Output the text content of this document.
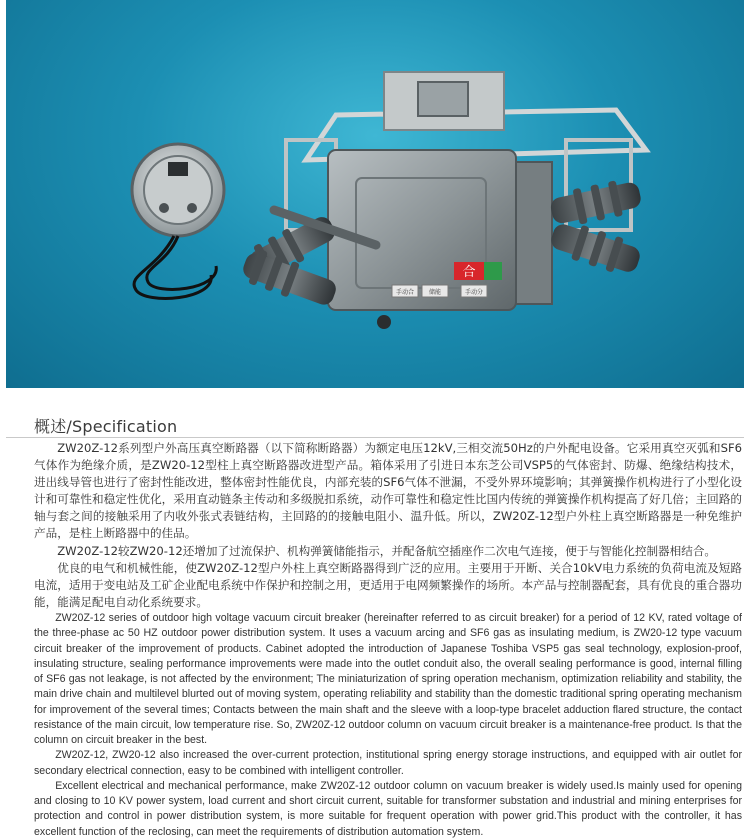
合
手动合 储能	手动分
概述/Specification

ZW20Z-12系列型户外高压真空断路器（以下简称断路器）为额定电压12kV,三相交流50Hz的户外配电设备。它采用真空灭弧和SF6气体作为绝缘介质，是ZW20-12型柱上真空断路器改进型产品。箱体采用了引进日本东芝公司VSP5的气体密封、防爆、绝缘结构技术，进出线导管也进行了密封性能改进，整体密封性能优良，内部充装的SF6气体不泄漏，不受外界环境影响；其弹簧操作机构进行了小型化设计和可靠性和稳定性优化，采用直动链条主传动和多级脱扣系统，动作可靠性和稳定性比国内传统的弹簧操作机构提高了好几倍；主回路的轴与套之间的接触采用了内收外张式表链结构，主回路的的接触电阻小、温升低。所以，ZW20Z-12型户外柱上真空断路器是一种免维护产品，是柱上断路器中的佳品。

ZW20Z-12较ZW20-12还增加了过流保护、机构弹簧储能指示，并配备航空插座作二次电气连接，便于与智能化控制器相结合。

优良的电气和机械性能，使ZW20Z-12型户外柱上真空断路器得到广泛的应用。主要用于开断、关合10kV电力系统的负荷电流及短路电流，适用于变电站及工矿企业配电系统中作保护和控制之用，更适用于电网频繁操作的场所。本产品与控制器配套，具有优良的重合器功能，能满足配电自动化系统要求。

ZW20Z-12 series of outdoor high voltage vacuum circuit breaker (hereinafter referred to as circuit breaker) for a period of 12 KV, rated voltage of the three-phase ac 50 HZ outdoor power distribution system. It uses a vacuum arcing and SF6 gas as insulating medium, is ZW20-12 type vacuum circuit breaker of the improvement of products. Cabinet adopted the introduction of Japanese Toshiba VSP5 gas seal technology, explosion-proof, insulating structure, sealing performance improvements were made into the outlet conduit also, the overall sealing performance is good, internal filling of SF6 gas not leakage, is not affected by the environment; The miniaturization of spring operation mechanism, optimization reliability and stability, the main drive chain and multilevel blurted out of moving system, operating reliability and stability than the domestic traditional spring operating mechanism for improvement of the several times; Contacts between the main shaft and the sleeve with a loop-type bracelet adduction flared structure, the contact resistance of the main circuit, low temperature rise. So, ZW20Z-12 outdoor column on vacuum circuit breaker is a maintenance-free product. Is that the column on circuit breaker in the best.

ZW20Z-12, ZW20-12 also increased the over-current protection, institutional spring energy storage instructions, and equipped with air outlet for secondary electrical connection, easy to be combined with intelligent controller.

Excellent electrical and mechanical performance, make ZW20Z-12 outdoor column on vacuum breaker is widely used.Is mainly used for opening and closing to 10 KV power system, load current and short circuit current, suitable for transformer substation and industrial and mining enterprises for protection and control in power distribution system, is more suitable for frequent operation with power grid.This product with the controller, it has excellent function of the reclosing, can meet the requirements of distribution automation system.
